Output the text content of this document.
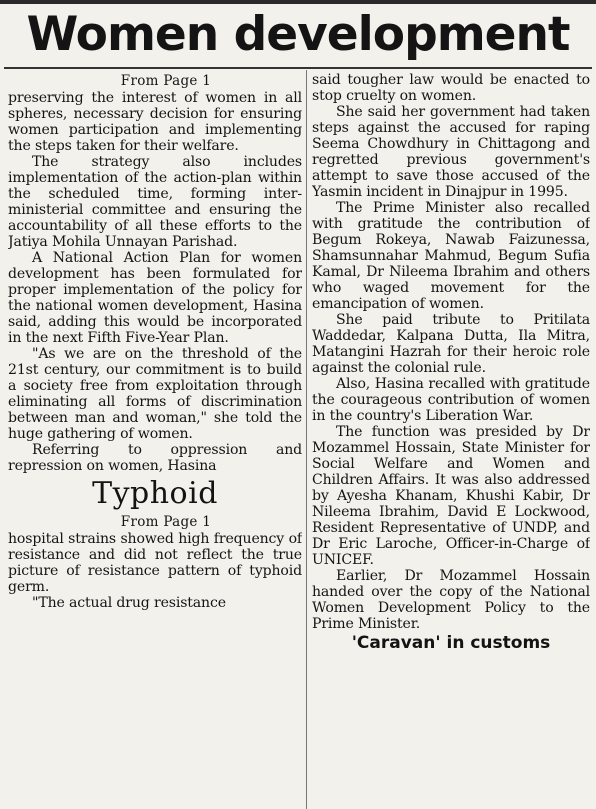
Women development
From Page 1

preserving the interest of women in all spheres, necessary decision for ensuring women participation and implementing the steps taken for their welfare.

The strategy also includes implementation of the action-plan within the scheduled time, forming inter-ministerial committee and ensuring the accountability of all these efforts to the Jatiya Mohila Unnayan Parishad.

A National Action Plan for women development has been formulated for proper implementation of the policy for the national women development, Hasina said, adding this would be incorporated in the next Fifth Five-Year Plan.

"As we are on the threshold of the 21st century, our commitment is to build a society free from exploitation through eliminating all forms of discrimination between man and woman," she told the huge gathering of women.

Referring to oppression and repression on women, Hasina

Typhoid
From Page 1

hospital strains showed high frequency of resistance and did not reflect the true picture of resistance pattern of typhoid germ.

"The actual drug resistance

said tougher law would be enacted to stop cruelty on women.

She said her government had taken steps against the accused for raping Seema Chowdhury in Chittagong and regretted previous government's attempt to save those accused of the Yasmin incident in Dinajpur in 1995.

The Prime Minister also recalled with gratitude the contribution of Begum Rokeya, Nawab Faizunessa, Shamsunnahar Mahmud, Begum Sufia Kamal, Dr Nileema Ibrahim and others who waged movement for the emancipation of women.

She paid tribute to Pritilata Waddedar, Kalpana Dutta, Ila Mitra, Matangini Hazrah for their heroic role against the colonial rule.

Also, Hasina recalled with gratitude the courageous contribution of women in the country's Liberation War.

The function was presided by Dr Mozammel Hossain, State Minister for Social Welfare and Women and Children Affairs. It was also addressed by Ayesha Khanam, Khushi Kabir, Dr Nileema Ibrahim, David E Lockwood, Resident Representative of UNDP, and Dr Eric Laroche, Officer-in-Charge of UNICEF.

Earlier, Dr Mozammel Hossain handed over the copy of the National Women Development Policy to the Prime Minister.

'Caravan' in customs
